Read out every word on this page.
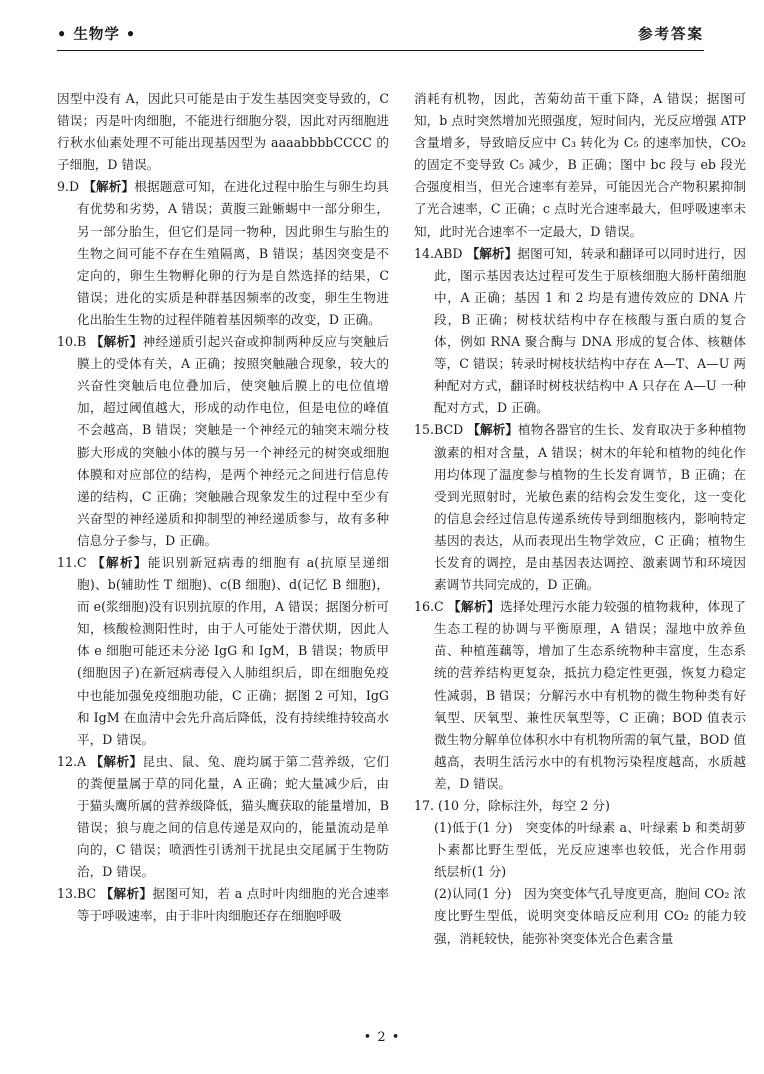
• 生物学 •	参考答案

因型中没有 A，因此只可能是由于发生基因突变导致的，C 错误；丙是叶肉细胞，不能进行细胞分裂，因此对丙细胞进行秋水仙素处理不可能出现基因型为 aaaabbbbCCCC 的子细胞，D 错误。

9.D 【解析】根据题意可知，在进化过程中胎生与卵生均具有优势和劣势，A 错误；黄腹三趾蜥蜴中一部分卵生，另一部分胎生，但它们是同一物种，因此卵生与胎生的生物之间可能不存在生殖隔离，B 错误；基因突变是不定向的，卵生生物孵化卵的行为是自然选择的结果，C 错误；进化的实质是种群基因频率的改变，卵生生物进化出胎生生物的过程伴随着基因频率的改变，D 正确。

10.B 【解析】神经递质引起兴奋或抑制两种反应与突触后膜上的受体有关，A 正确；按照突触融合现象，较大的兴奋性突触后电位叠加后，使突触后膜上的电位值增加，超过阈值越大，形成的动作电位，但是电位的峰值不会越高，B 错误；突触是一个神经元的轴突末端分枝膨大形成的突触小体的膜与另一个神经元的树突或细胞体膜和对应部位的结构，是两个神经元之间进行信息传递的结构，C 正确；突触融合现象发生的过程中至少有兴奋型的神经递质和抑制型的神经递质参与，故有多种信息分子参与，D 正确。

11.C 【解析】能识别新冠病毒的细胞有 a(抗原呈递细胞)、b(辅助性 T 细胞)、c(B 细胞)、d(记忆 B 细胞)，而 e(浆细胞)没有识别抗原的作用，A 错误；据图分析可知，核酸检测阳性时，由于人可能处于潜伏期，因此人体 e 细胞可能还未分泌 IgG 和 IgM，B 错误；物质甲(细胞因子)在新冠病毒侵入人肺组织后，即在细胞免疫中也能加强免疫细胞功能，C 正确；据图 2 可知，IgG 和 IgM 在血清中会先升高后降低，没有持续维持较高水平，D 错误。

12.A 【解析】昆虫、鼠、兔、鹿均属于第二营养级，它们的粪便量属于草的同化量，A 正确；蛇大量减少后，由于猫头鹰所属的营养级降低，猫头鹰获取的能量增加，B 错误；狼与鹿之间的信息传递是双向的，能量流动是单向的，C 错误；喷洒性引诱剂干扰昆虫交尾属于生物防治，D 错误。

13.BC 【解析】据图可知，若 a 点时叶肉细胞的光合速率等于呼吸速率，由于非叶肉细胞还存在细胞呼吸

消耗有机物，因此，苦菊幼苗干重下降，A 错误；据图可知，b 点时突然增加光照强度，短时间内，光反应增强 ATP 含量增多，导致暗反应中 C₃ 转化为 C₅ 的速率加快，CO₂ 的固定不变导致 C₅ 减少，B 正确；图中 bc 段与 eb 段光合强度相当，但光合速率有差异，可能因光合产物积累抑制了光合速率，C 正确；c 点时光合速率最大，但呼吸速率未知，此时光合速率不一定最大，D 错误。

14.ABD 【解析】据图可知，转录和翻译可以同时进行，因此，图示基因表达过程可发生于原核细胞大肠杆菌细胞中，A 正确；基因 1 和 2 均是有遗传效应的 DNA 片段，B 正确；树枝状结构中存在核酸与蛋白质的复合体，例如 RNA 聚合酶与 DNA 形成的复合体、核糖体等，C 错误；转录时树枝状结构中存在 A—T、A—U 两种配对方式，翻译时树枝状结构中 A 只存在 A—U 一种配对方式，D 正确。

15.BCD 【解析】植物各器官的生长、发育取决于多种植物激素的相对含量，A 错误；树木的年轮和植物的纯化作用均体现了温度参与植物的生长发育调节，B 正确；在受到光照射时，光敏色素的结构会发生变化，这一变化的信息会经过信息传递系统传导到细胞核内，影响特定基因的表达，从而表现出生物学效应，C 正确；植物生长发育的调控，是由基因表达调控、激素调节和环境因素调节共同完成的，D 正确。

16.C 【解析】选择处理污水能力较强的植物栽种，体现了生态工程的协调与平衡原理，A 错误；湿地中放养鱼苗、种植莲藕等，增加了生态系统物种丰富度，生态系统的营养结构更复杂，抵抗力稳定性更强，恢复力稳定性减弱，B 错误；分解污水中有机物的微生物种类有好氧型、厌氧型、兼性厌氧型等，C 正确；BOD 值表示微生物分解单位体积水中有机物所需的氧气量，BOD 值越高，表明生活污水中的有机物污染程度越高，水质越差，D 错误。

17. (10 分，除标注外，每空 2 分)

(1)低于(1 分)　突变体的叶绿素 a、叶绿素 b 和类胡萝卜素都比野生型低，光反应速率也较低，光合作用弱　纸层析(1 分)

(2)认同(1 分)　因为突变体气孔导度更高，胞间 CO₂ 浓度比野生型低，说明突变体暗反应利用 CO₂ 的能力较强，消耗较快，能弥补突变体光合色素含量

• 2 •
